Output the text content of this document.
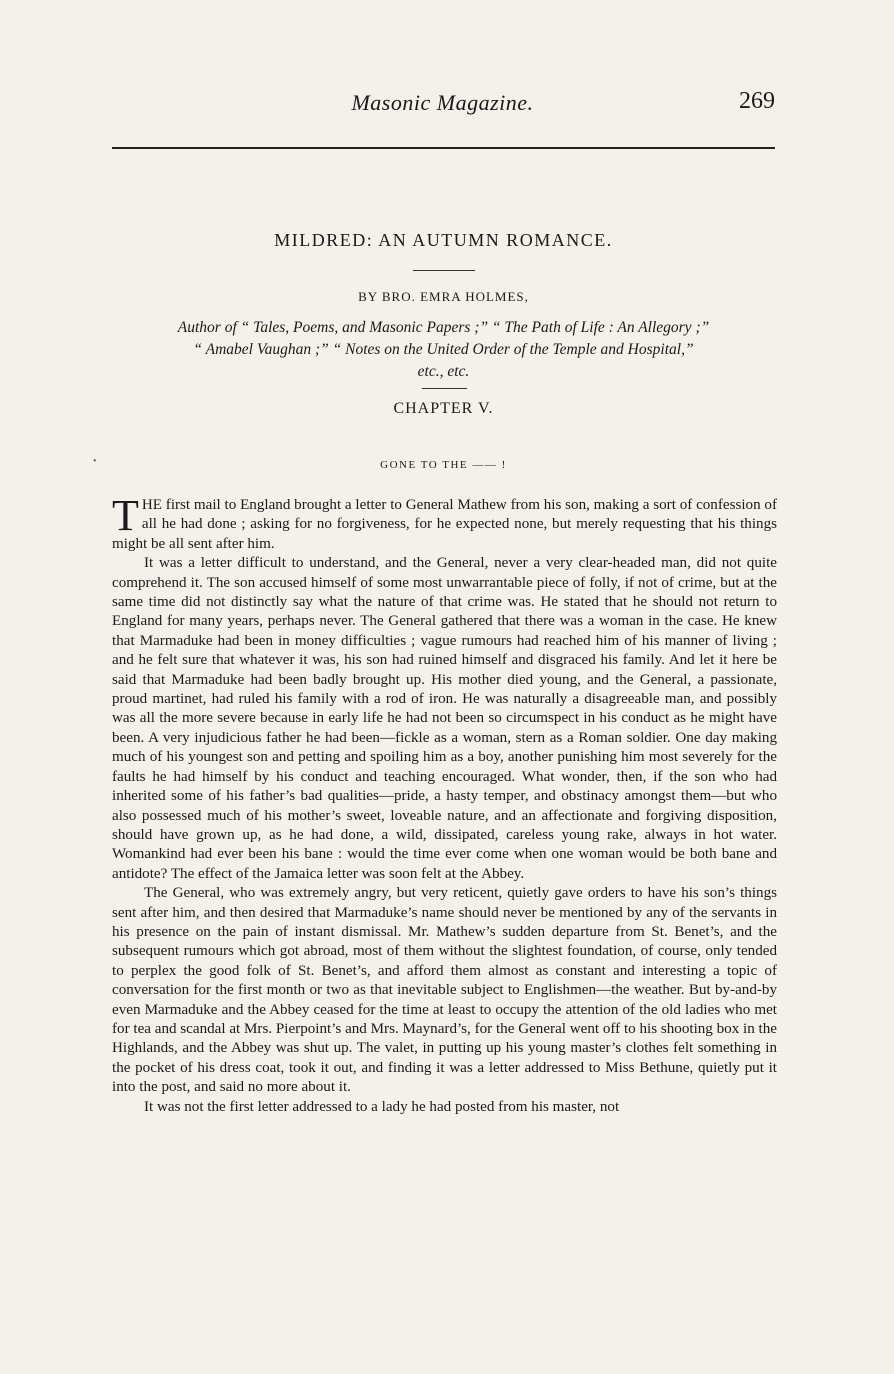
Masonic Magazine.	269
MILDRED: AN AUTUMN ROMANCE.
BY BRO. EMRA HOLMES,
Author of “ Tales, Poems, and Masonic Papers ;” “ The Path of Life : An Allegory ;”
“ Amabel Vaughan ;” “ Notes on the United Order of the Temple and Hospital,”
etc., etc.
CHAPTER V.
GONE TO THE —— !
•

THE first mail to England brought a letter to General Mathew from his son, making a sort of confession of all he had done ; asking for no forgiveness, for he expected none, but merely requesting that his things might be all sent after him.

It was a letter difficult to understand, and the General, never a very clear-headed man, did not quite comprehend it. The son accused himself of some most unwarrantable piece of folly, if not of crime, but at the same time did not distinctly say what the nature of that crime was. He stated that he should not return to England for many years, perhaps never. The General gathered that there was a woman in the case. He knew that Marmaduke had been in money difficulties ; vague rumours had reached him of his manner of living ; and he felt sure that whatever it was, his son had ruined himself and disgraced his family. And let it here be said that Marmaduke had been badly brought up. His mother died young, and the General, a passionate, proud martinet, had ruled his family with a rod of iron. He was naturally a disagreeable man, and possibly was all the more severe because in early life he had not been so circumspect in his conduct as he might have been. A very injudicious father he had been—fickle as a woman, stern as a Roman soldier. One day making much of his youngest son and petting and spoiling him as a boy, another punishing him most severely for the faults he had himself by his conduct and teaching encouraged. What wonder, then, if the son who had inherited some of his father’s bad qualities—pride, a hasty temper, and obstinacy amongst them—but who also possessed much of his mother’s sweet, loveable nature, and an affectionate and forgiving disposition, should have grown up, as he had done, a wild, dissipated, careless young rake, always in hot water. Womankind had ever been his bane : would the time ever come when one woman would be both bane and antidote? The effect of the Jamaica letter was soon felt at the Abbey.

The General, who was extremely angry, but very reticent, quietly gave orders to have his son’s things sent after him, and then desired that Marmaduke’s name should never be mentioned by any of the servants in his presence on the pain of instant dismissal. Mr. Mathew’s sudden departure from St. Benet’s, and the subsequent rumours which got abroad, most of them without the slightest foundation, of course, only tended to perplex the good folk of St. Benet’s, and afford them almost as constant and interesting a topic of conversation for the first month or two as that inevitable subject to Englishmen—the weather. But by-and-by even Marmaduke and the Abbey ceased for the time at least to occupy the attention of the old ladies who met for tea and scandal at Mrs. Pierpoint’s and Mrs. Maynard’s, for the General went off to his shooting box in the Highlands, and the Abbey was shut up. The valet, in putting up his young master’s clothes felt something in the pocket of his dress coat, took it out, and finding it was a letter addressed to Miss Bethune, quietly put it into the post, and said no more about it.

It was not the first letter addressed to a lady he had posted from his master, not
